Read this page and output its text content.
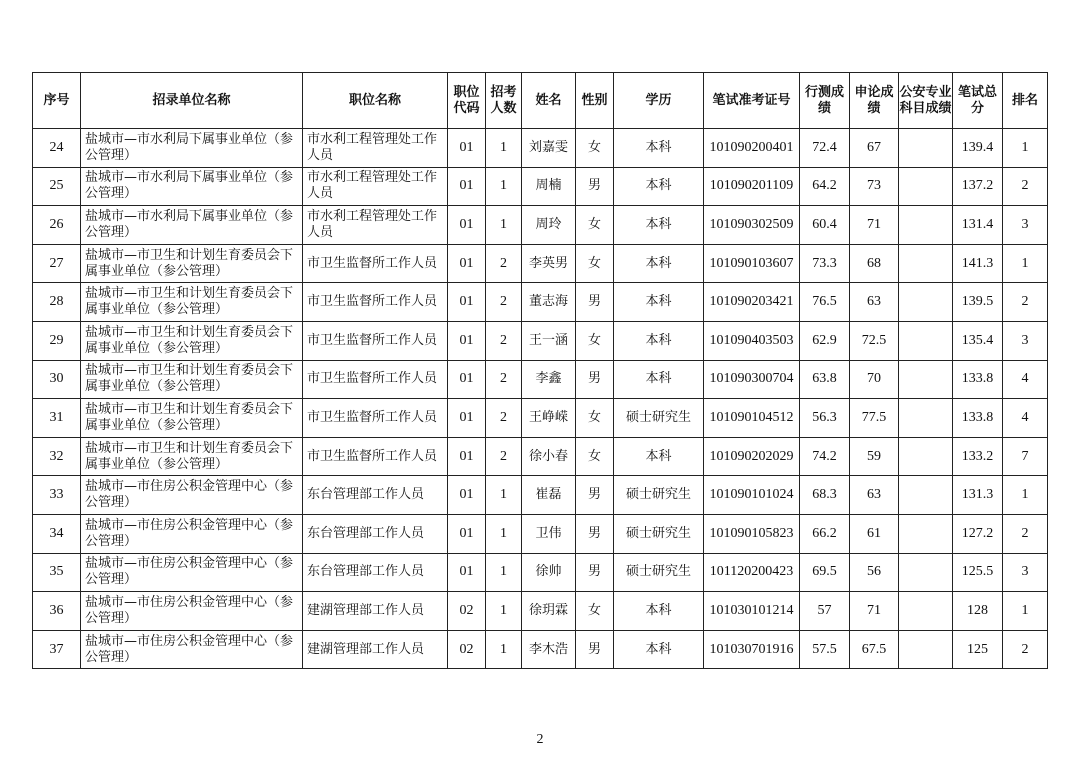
序号	招录单位名称	职位名称	职位代码	招考人数	姓名	性别	学历	笔试准考证号	行测成绩	申论成绩	公安专业科目成绩	笔试总分	排名
24	盐城市—市水利局下属事业单位（参公管理）	市水利工程管理处工作人员	01	1	刘嘉雯	女	本科	101090200401	72.4	67		139.4	1
25	盐城市—市水利局下属事业单位（参公管理）	市水利工程管理处工作人员	01	1	周楠	男	本科	101090201109	64.2	73		137.2	2
26	盐城市—市水利局下属事业单位（参公管理）	市水利工程管理处工作人员	01	1	周玲	女	本科	101090302509	60.4	71		131.4	3
27	盐城市—市卫生和计划生育委员会下属事业单位（参公管理）	市卫生监督所工作人员	01	2	李英男	女	本科	101090103607	73.3	68		141.3	1
28	盐城市—市卫生和计划生育委员会下属事业单位（参公管理）	市卫生监督所工作人员	01	2	董志海	男	本科	101090203421	76.5	63		139.5	2
29	盐城市—市卫生和计划生育委员会下属事业单位（参公管理）	市卫生监督所工作人员	01	2	王一涵	女	本科	101090403503	62.9	72.5		135.4	3
30	盐城市—市卫生和计划生育委员会下属事业单位（参公管理）	市卫生监督所工作人员	01	2	李鑫	男	本科	101090300704	63.8	70		133.8	4
31	盐城市—市卫生和计划生育委员会下属事业单位（参公管理）	市卫生监督所工作人员	01	2	王峥嵘	女	硕士研究生	101090104512	56.3	77.5		133.8	4
32	盐城市—市卫生和计划生育委员会下属事业单位（参公管理）	市卫生监督所工作人员	01	2	徐小春	女	本科	101090202029	74.2	59		133.2	7
33	盐城市—市住房公积金管理中心（参公管理）	东台管理部工作人员	01	1	崔磊	男	硕士研究生	101090101024	68.3	63		131.3	1
34	盐城市—市住房公积金管理中心（参公管理）	东台管理部工作人员	01	1	卫伟	男	硕士研究生	101090105823	66.2	61		127.2	2
35	盐城市—市住房公积金管理中心（参公管理）	东台管理部工作人员	01	1	徐帅	男	硕士研究生	101120200423	69.5	56		125.5	3
36	盐城市—市住房公积金管理中心（参公管理）	建湖管理部工作人员	02	1	徐玥霖	女	本科	101030101214	57	71		128	1
37	盐城市—市住房公积金管理中心（参公管理）	建湖管理部工作人员	02	1	李木浩	男	本科	101030701916	57.5	67.5		125	2
2
